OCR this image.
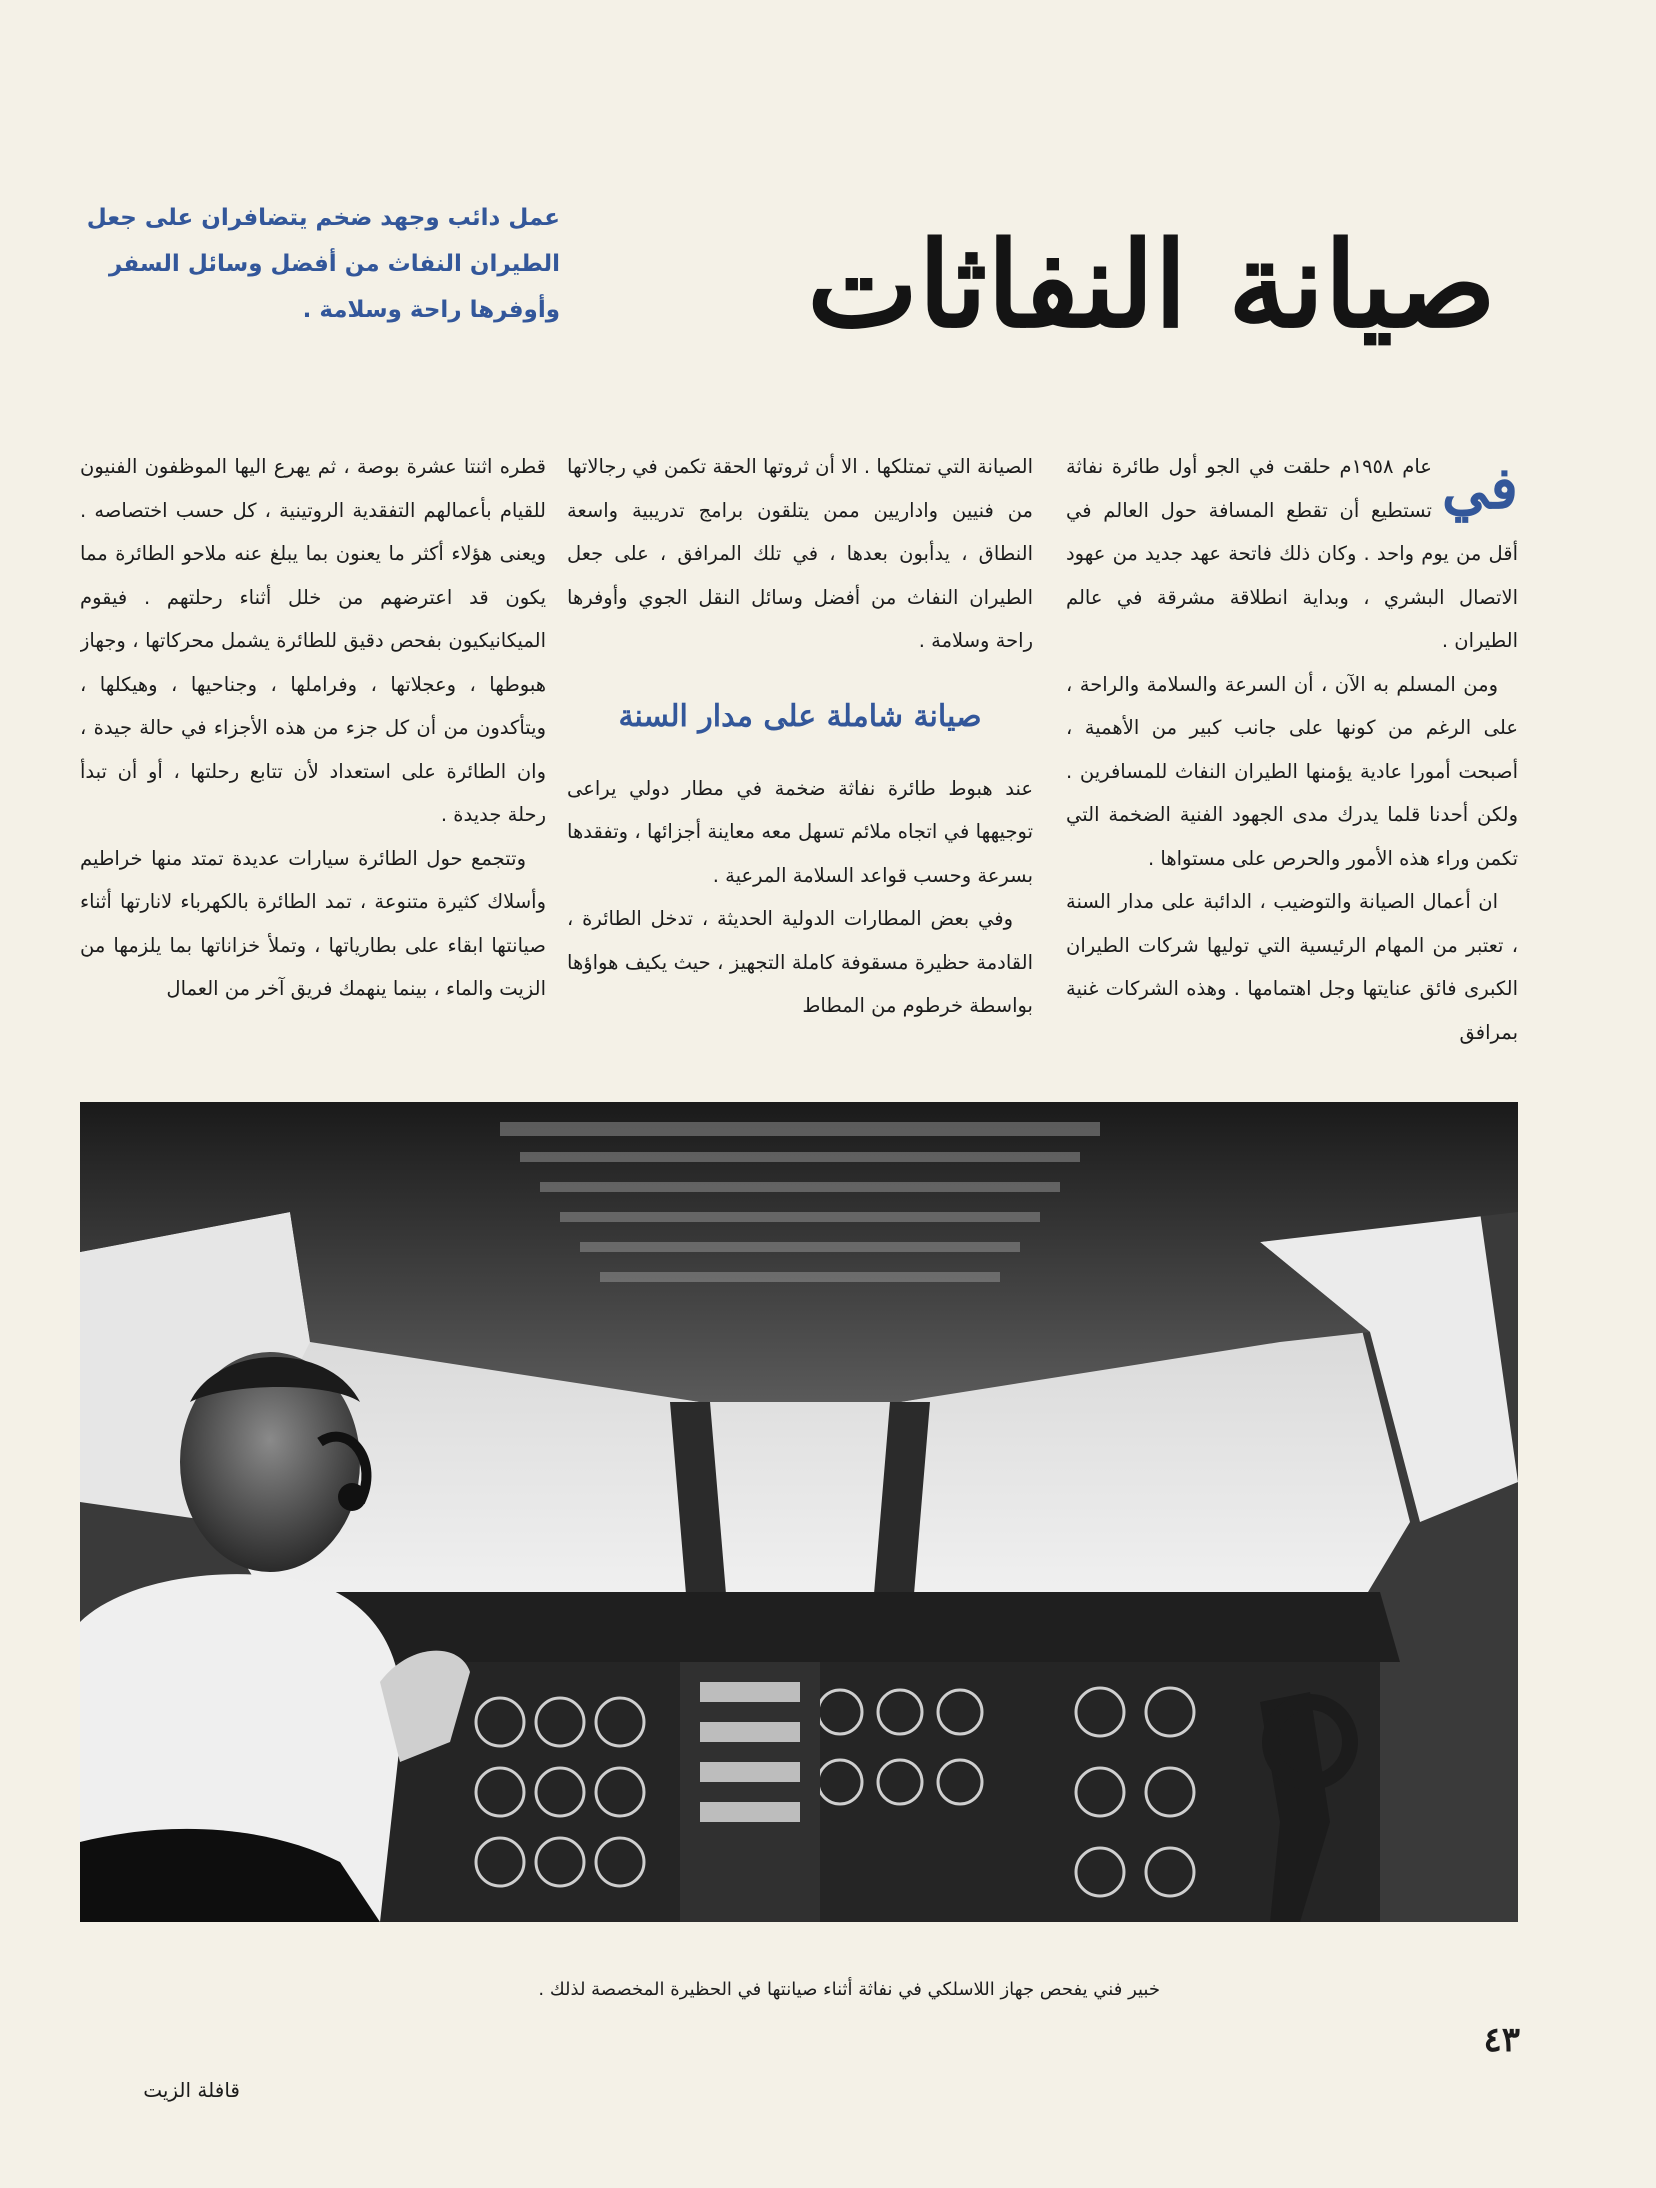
صيانة النفاثات
عمل دائب وجهد ضخم يتضافران على جعل الطيران النفاث من أفضل وسائل السفر وأوفرها راحة وسلامة .

في
عام ١٩٥٨م حلقت في الجو أول طائرة نفاثة تستطيع أن تقطع المسافة حول العالم في أقل من يوم واحد . وكان ذلك فاتحة عهد جديد من عهود الاتصال البشري ، وبداية انطلاقة مشرقة في عالم الطيران .

ومن المسلم به الآن ، أن السرعة والسلامة والراحة ، على الرغم من كونها على جانب كبير من الأهمية ، أصبحت أمورا عادية يؤمنها الطيران النفاث للمسافرين . ولكن أحدنا قلما يدرك مدى الجهود الفنية الضخمة التي تكمن وراء هذه الأمور والحرص على مستواها .

ان أعمال الصيانة والتوضيب ، الدائبة على مدار السنة ، تعتبر من المهام الرئيسية التي توليها شركات الطيران الكبرى فائق عنايتها وجل اهتمامها . وهذه الشركات غنية بمرافق

الصيانة التي تمتلكها . الا أن ثروتها الحقة تكمن في رجالاتها من فنيين واداريين ممن يتلقون برامج تدريبية واسعة النطاق ، يدأبون بعدها ، في تلك المرافق ، على جعل الطيران النفاث من أفضل وسائل النقل الجوي وأوفرها راحة وسلامة .

صيانة شاملة على مدار السنة

عند هبوط طائرة نفاثة ضخمة في مطار دولي يراعى توجيهها في اتجاه ملائم تسهل معه معاينة أجزائها ، وتفقدها بسرعة وحسب قواعد السلامة المرعية .

وفي بعض المطارات الدولية الحديثة ، تدخل الطائرة ، القادمة حظيرة مسقوفة كاملة التجهيز ، حيث يكيف هواؤها بواسطة خرطوم من المطاط

قطره اثنتا عشرة بوصة ، ثم يهرع اليها الموظفون الفنيون للقيام بأعمالهم التفقدية الروتينية ، كل حسب اختصاصه . ويعنى هؤلاء أكثر ما يعنون بما يبلغ عنه ملاحو الطائرة مما يكون قد اعترضهم من خلل أثناء رحلتهم . فيقوم الميكانيكيون بفحص دقيق للطائرة يشمل محركاتها ، وجهاز هبوطها ، وعجلاتها ، وفراملها ، وجناحيها ، وهيكلها ، ويتأكدون من أن كل جزء من هذه الأجزاء في حالة جيدة ، وان الطائرة على استعداد لأن تتابع رحلتها ، أو أن تبدأ رحلة جديدة .

وتتجمع حول الطائرة سيارات عديدة تمتد منها خراطيم وأسلاك كثيرة متنوعة ، تمد الطائرة بالكهرباء لانارتها أثناء صيانتها ابقاء على بطارياتها ، وتملأ خزاناتها بما يلزمها من الزيت والماء ، بينما ينهمك فريق آخر من العمال

خبير فني يفحص جهاز اللاسلكي في نفاثة أثناء صيانتها في الحظيرة المخصصة لذلك .
٤٣
قافلة الزيت
